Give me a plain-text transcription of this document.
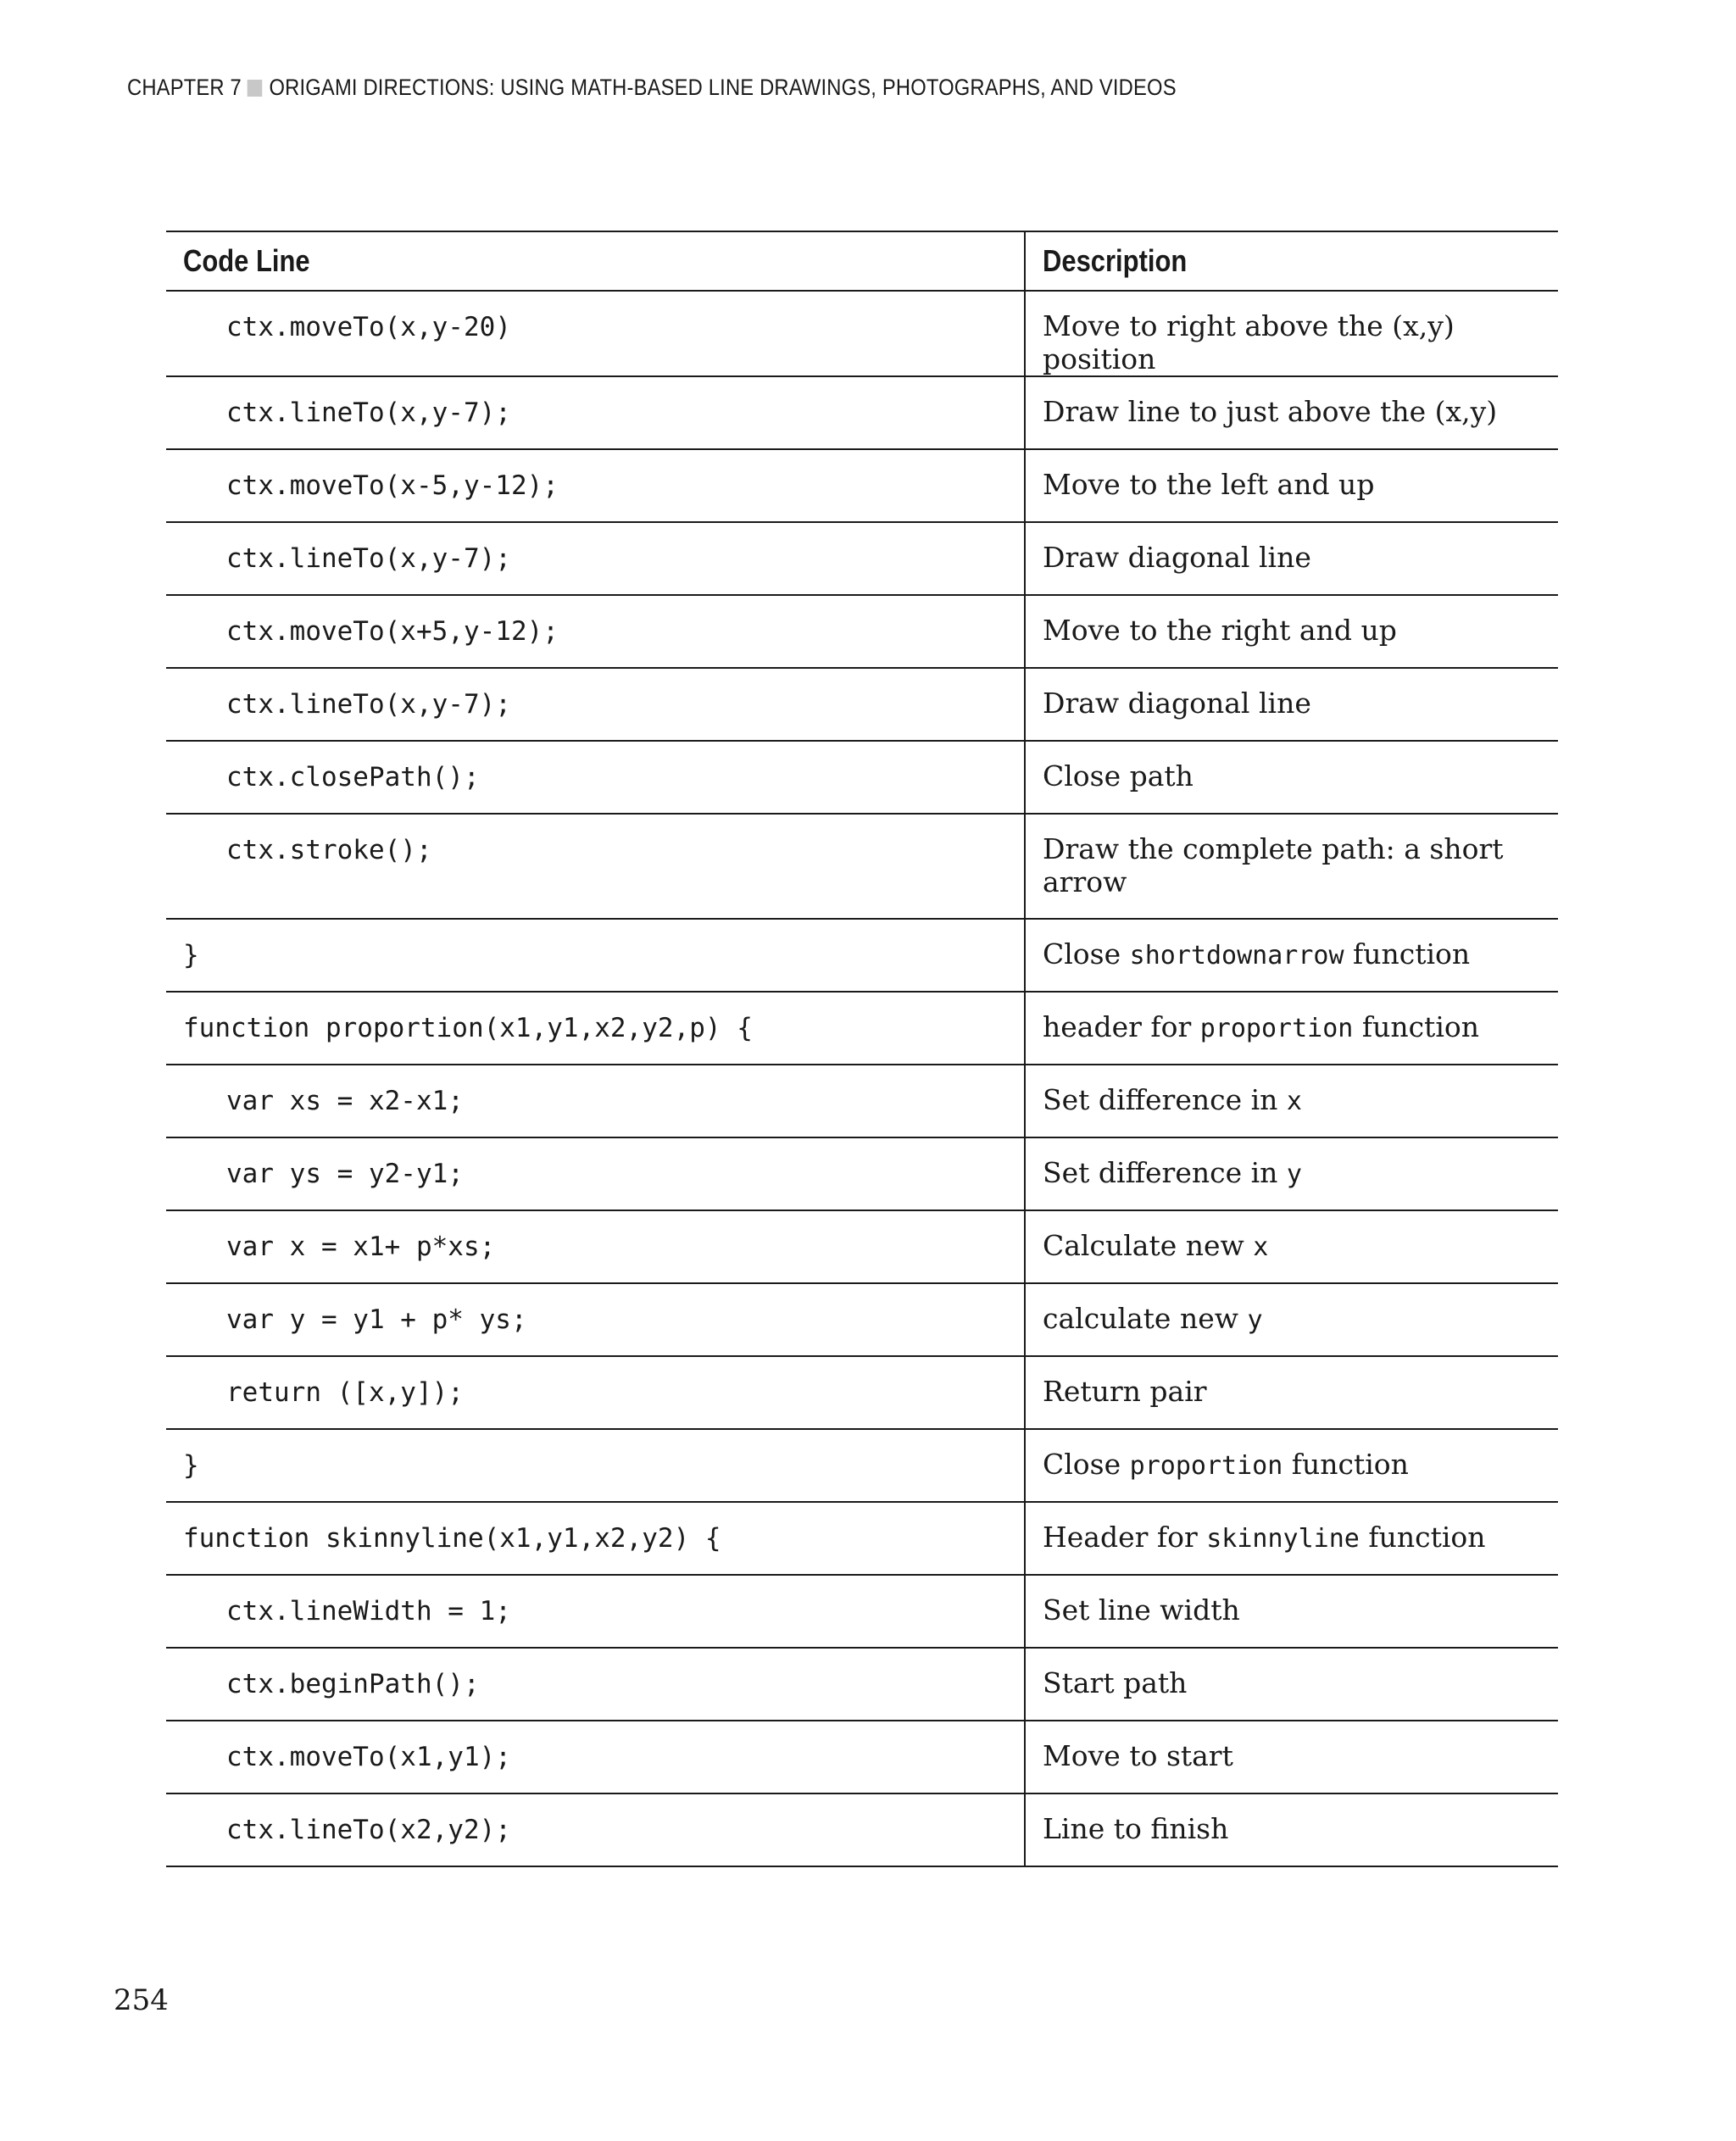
CHAPTER 7 ORIGAMI DIRECTIONS: USING MATH-BASED LINE DRAWINGS, PHOTOGRAPHS, AND VIDEOS
Code Line	Description

ctx.moveTo(x,y-20)	Move to right above the (x,y) position

ctx.lineTo(x,y-7);	Draw line to just above the (x,y)

ctx.moveTo(x-5,y-12);	Move to the left and up

ctx.lineTo(x,y-7);	Draw diagonal line

ctx.moveTo(x+5,y-12);	Move to the right and up

ctx.lineTo(x,y-7);	Draw diagonal line

ctx.closePath();	Close path

ctx.stroke();	Draw the complete path: a short arrow

}	Close shortdownarrow function

function proportion(x1,y1,x2,y2,p) {	header for proportion function

var xs = x2-x1;	Set difference in x

var ys = y2-y1;	Set difference in y

var x = x1+ p*xs;	Calculate new x

var y = y1 + p* ys;	calculate new y

return ([x,y]);	Return pair

}	Close proportion function

function skinnyline(x1,y1,x2,y2) {	Header for skinnyline function

ctx.lineWidth = 1;	Set line width

ctx.beginPath();	Start path

ctx.moveTo(x1,y1);	Move to start

ctx.lineTo(x2,y2);	Line to finish
254
